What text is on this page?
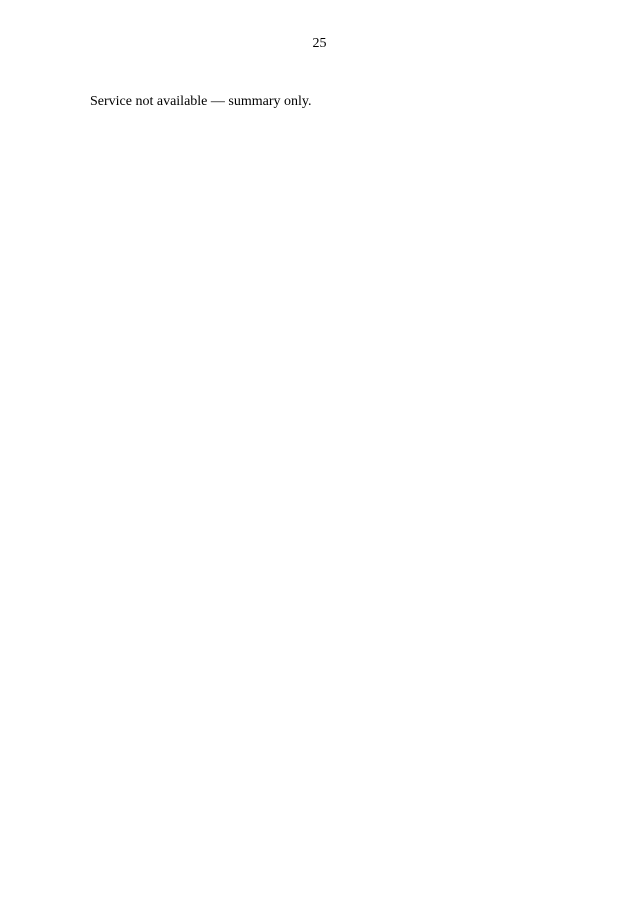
25

Service not available — summary only.
